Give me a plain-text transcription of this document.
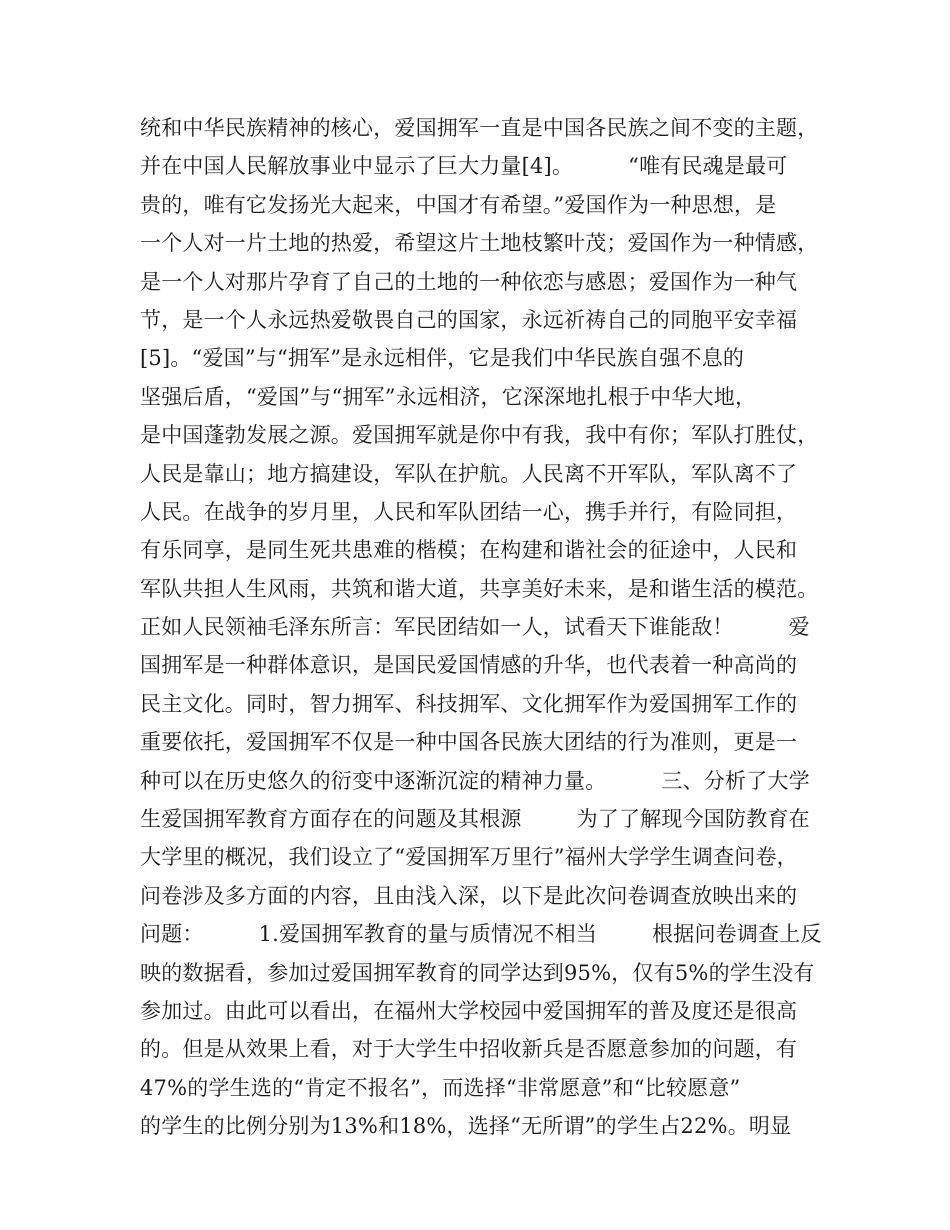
统和中华民族精神的核心，爱国拥军一直是中国各民族之间不变的主题，
并在中国人民解放事业中显示了巨大力量[4]。        “唯有民魂是最可
贵的，唯有它发扬光大起来，中国才有希望。”爱国作为一种思想，是
一个人对一片土地的热爱，希望这片土地枝繁叶茂；爱国作为一种情感，
是一个人对那片孕育了自己的土地的一种依恋与感恩；爱国作为一种气
节，是一个人永远热爱敬畏自己的国家，永远祈祷自己的同胞平安幸福
[5]。“爱国”与“拥军”是永远相伴，它是我们中华民族自强不息的
坚强后盾，“爱国”与“拥军”永远相济，它深深地扎根于中华大地，
是中国蓬勃发展之源。爱国拥军就是你中有我，我中有你；军队打胜仗，
人民是靠山；地方搞建设，军队在护航。人民离不开军队，军队离不了
人民。在战争的岁月里，人民和军队团结一心，携手并行，有险同担，
有乐同享，是同生死共患难的楷模；在构建和谐社会的征途中，人民和
军队共担人生风雨，共筑和谐大道，共享美好未来，是和谐生活的模范。
正如人民领袖毛泽东所言：军民团结如一人，试看天下谁能敌！        爱
国拥军是一种群体意识，是国民爱国情感的升华，也代表着一种高尚的
民主文化。同时，智力拥军、科技拥军、文化拥军作为爱国拥军工作的
重要依托，爱国拥军不仅是一种中国各民族大团结的行为准则，更是一
种可以在历史悠久的衍变中逐渐沉淀的精神力量。        三、分析了大学
生爱国拥军教育方面存在的问题及其根源        为了了解现今国防教育在
大学里的概况，我们设立了“爱国拥军万里行”福州大学学生调查问卷，
问卷涉及多方面的内容，且由浅入深，以下是此次问卷调查放映出来的
问题：        1.爱国拥军教育的量与质情况不相当        根据问卷调查上反
映的数据看，参加过爱国拥军教育的同学达到95%，仅有5%的学生没有
参加过。由此可以看出，在福州大学校园中爱国拥军的普及度还是很高
的。但是从效果上看，对于大学生中招收新兵是否愿意参加的问题，有
47%的学生选的“肯定不报名”，而选择“非常愿意”和“比较愿意”
的学生的比例分别为13%和18%，选择“无所谓”的学生占22%。明显
